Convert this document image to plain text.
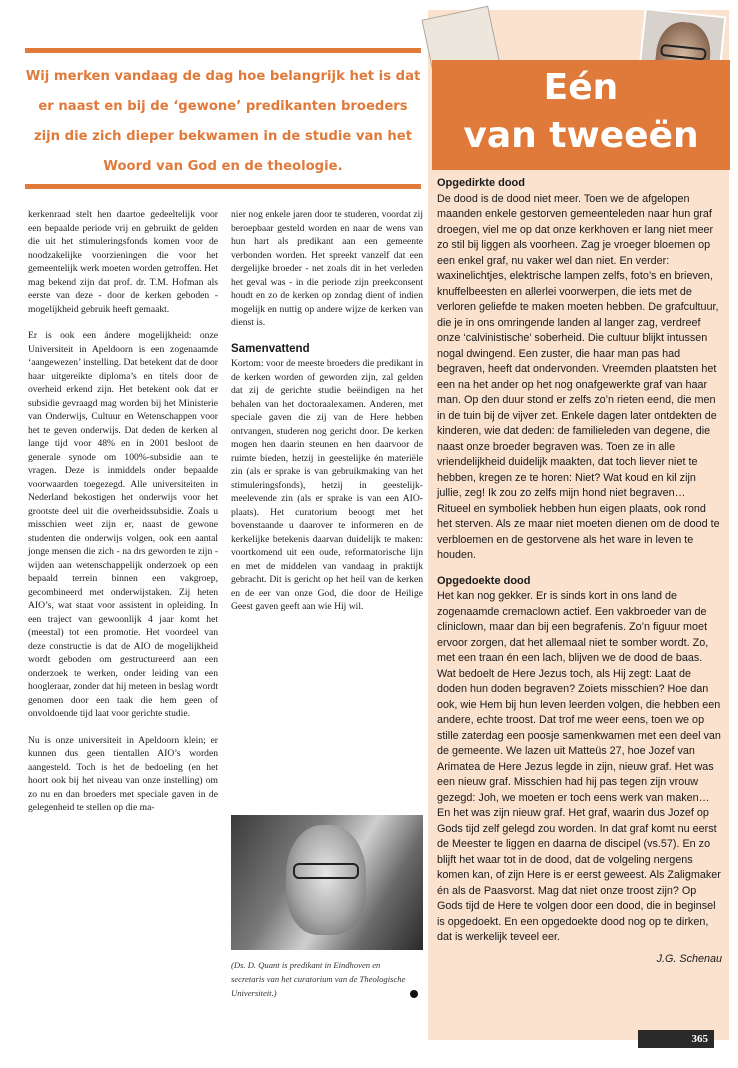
Wij merken vandaag de dag hoe belangrijk het is dat er naast en bij de ‘gewone’ predikanten broeders zijn die zich dieper bekwamen in de studie van het Woord van God en de theologie.

kerkenraad stelt hen daartoe gedeeltelijk voor een bepaalde periode vrij en gebruikt de gelden die uit het stimuleringsfonds komen voor de noodzakelijke voorzieningen die voor het gemeentelijk werk moeten worden getroffen. Het mag bekend zijn dat prof. dr. T.M. Hofman als eerste van deze - door de kerken geboden - mogelijkheid gebruik heeft gemaakt.

Er is ook een ándere mogelijkheid: onze Universiteit in Apeldoorn is een zogenaamde ‘aangewezen’ instelling. Dat betekent dat de door haar uitgereikte diploma’s en titels door de overheid erkend zijn. Het betekent ook dat er subsidie gevraagd mag worden bij het Ministerie van Onderwijs, Cultuur en Wetenschappen voor het te geven onderwijs. Dat deden de kerken al lange tijd voor 48% en in 2001 besloot de generale synode om 100%-subsidie aan te vragen. Deze is inmiddels onder bepaalde voorwaarden toegezegd. Alle universiteiten in Nederland bekostigen het onderwijs voor het grootste deel uit die overheidssubsidie. Zoals u misschien weet zijn er, naast de gewone studenten die onderwijs volgen, ook een aantal jonge mensen die zich - na drs geworden te zijn - wijden aan wetenschappelijk onderzoek op een bepaald terrein binnen een vakgroep, gecombineerd met onderwijstaken. Zij heten AIO’s, wat staat voor assistent in opleiding. In een traject van gewoonlijk 4 jaar komt het (meestal) tot een promotie. Het voordeel van deze constructie is dat de AIO de mogelijkheid wordt geboden om gestructureerd aan een onderzoek te werken, onder leiding van een hoogleraar, zonder dat hij meteen in beslag wordt genomen door een taak die hem geen of onvoldoende tijd laat voor gerichte studie.

Nu is onze universiteit in Apeldoorn klein; er kunnen dus geen tientallen AIO’s worden aangesteld. Toch is het de bedoeling (en het hoort ook bij het niveau van onze instelling) om zo nu en dan broeders met speciale gaven in de gelegenheid te stellen op die ma-

nier nog enkele jaren door te studeren, voordat zij beroepbaar gesteld worden en naar de wens van hun hart als predikant aan een gemeente verbonden worden. Het spreekt vanzelf dat een dergelijke broeder - net zoals dit in het verleden het geval was - in die periode zijn preekconsent houdt en zo de kerken op zondag dient of indien mogelijk en nuttig op andere wijze de kerken van dienst is.

Samenvattend

Kortom: voor de meeste broeders die predikant in de kerken worden of geworden zijn, zal gelden dat zij de gerichte studie beëindigen na het behalen van het doctoraalexamen. Anderen, met speciale gaven die zij van de Here hebben ontvangen, studeren nog gericht door. De kerken mogen hen daarin steunen en hen daarvoor de ruimte bieden, hetzij in geestelijke én materiële zin (als er sprake is van gebruikmaking van het stimuleringsfonds), hetzij in geestelijk-meelevende zin (als er sprake is van een AIO-plaats). Het curatorium beoogt met het bovenstaande u daarover te informeren en de kerkelijke betekenis daarvan duidelijk te maken: voortkomend uit een oude, reformatorische lijn en met de middelen van vandaag in praktijk gebracht. Dit is gericht op het heil van de kerken en de eer van onze God, die door de Heilige Geest gaven geeft aan wie Hij wil.

(Ds. D. Quant is predikant in Eindhoven en secretaris van het curatorium van de Theologische Universiteit.)
Eén
van tweeën
Opgedirkte dood

De dood is de dood niet meer. Toen we de afgelopen maanden enkele gestorven gemeenteleden naar hun graf droegen, viel me op dat onze kerkhoven er lang niet meer zo stil bij liggen als voorheen. Zag je vroeger bloemen op een enkel graf, nu vaker wel dan niet. En verder: waxinelichtjes, elektrische lampen zelfs, foto’s en brieven, knuffelbeesten en allerlei voorwerpen, die iets met de verloren geliefde te maken moeten hebben. De grafcultuur, die je in ons omringende landen al langer zag, verdreef onze ‘calvinistische’ soberheid. Die cultuur blijkt intussen nogal dwingend. Een zuster, die haar man pas had begraven, heeft dat ondervonden. Vreemden plaatsten het een na het ander op het nog onafgewerkte graf van haar man. Op den duur stond er zelfs zo’n rieten eend, die men in de tuin bij de vijver zet. Enkele dagen later ontdekten de kinderen, wie dat deden: de familieleden van degene, die naast onze broeder begraven was. Toen ze in alle vriendelijkheid duidelijk maakten, dat toch liever niet te hebben, kregen ze te horen: Niet? Wat koud en kil zijn jullie, zeg! Ik zou zo zelfs mijn hond niet begraven… Ritueel en symboliek hebben hun eigen plaats, ook rond het sterven. Als ze maar niet moeten dienen om de dood te verbloemen en de gestorvene als het ware in leven te houden.

Opgedoekte dood

Het kan nog gekker. Er is sinds kort in ons land de zogenaamde cremaclown actief. Een vakbroeder van de cliniclown, maar dan bij een begrafenis. Zo’n figuur moet ervoor zorgen, dat het allemaal niet te somber wordt. Zo, met een traan én een lach, blijven we de dood de baas. Wat bedoelt de Here Jezus toch, als Hij zegt: Laat de doden hun doden begraven? Zoiets misschien? Hoe dan ook, wie Hem bij hun leven leerden volgen, die hebben een andere, echte troost. Dat trof me weer eens, toen we op stille zaterdag een poosje samenkwamen met een deel van de gemeente. We lazen uit Matteüs 27, hoe Jozef van Arimatea de Here Jezus legde in zijn, nieuw graf. Het was een nieuw graf. Misschien had hij pas tegen zijn vrouw gezegd: Joh, we moeten er toch eens werk van maken… En het was zijn nieuw graf. Het graf, waarin dus Jozef op Gods tijd zelf gelegd zou worden. In dat graf komt nu eerst de Meester te liggen en daarna de discipel (vs.57). En zo blijft het waar tot in de dood, dat de volgeling nergens komen kan, of zijn Here is er eerst geweest. Als Zaligmaker én als de Paasvorst. Mag dat niet onze troost zijn? Op Gods tijd de Here te volgen door een dood, die in beginsel is opgedoekt. En een opgedoekte dood nog op te dirken, dat is werkelijk teveel eer.

J.G. Schenau
365
